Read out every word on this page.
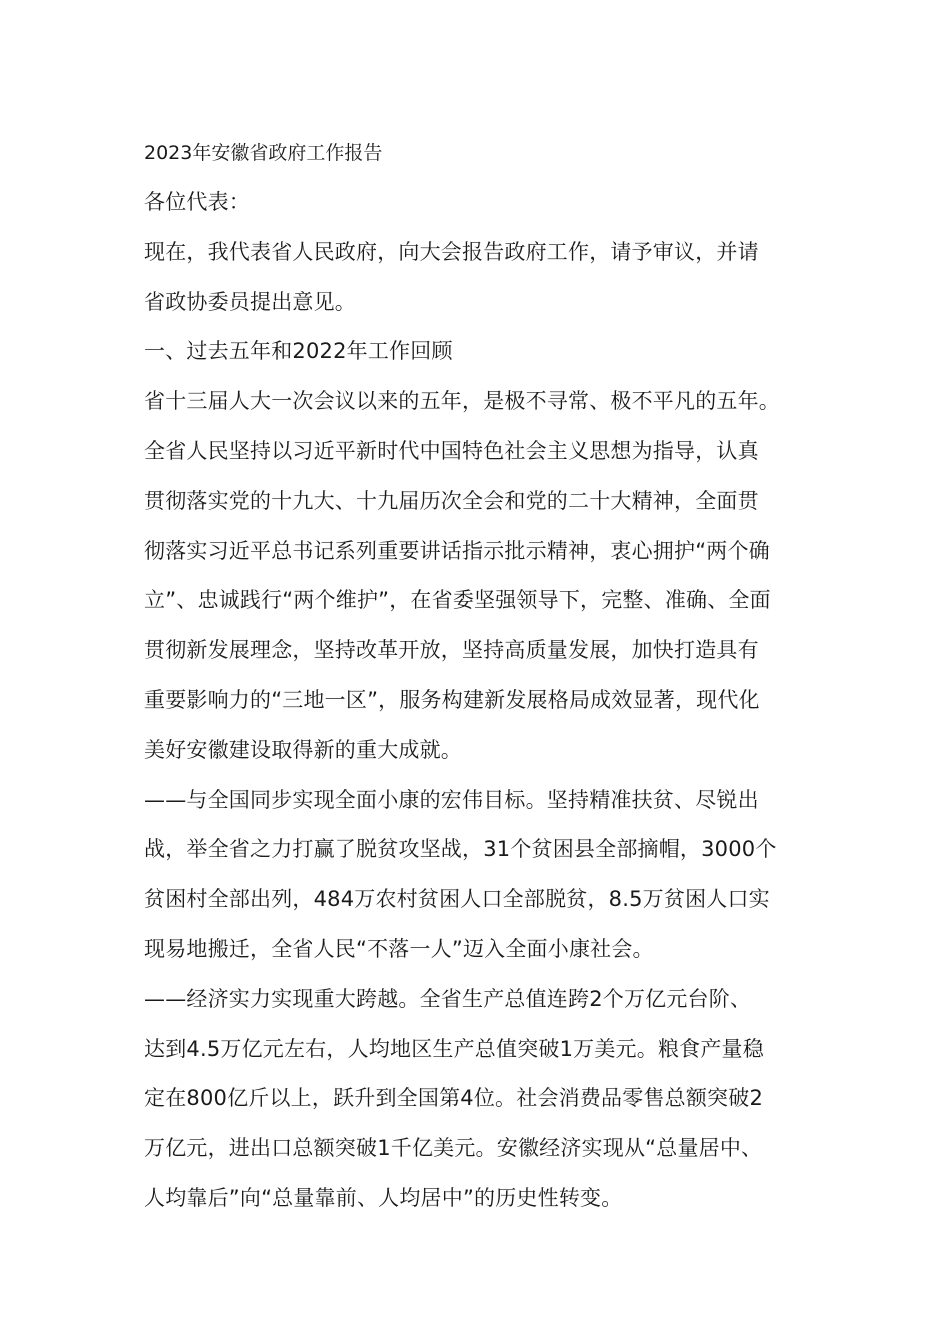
2023年安徽省政府工作报告

各位代表：

现在，我代表省人民政府，向大会报告政府工作，请予审议，并请

省政协委员提出意见。

一、过去五年和2022年工作回顾

省十三届人大一次会议以来的五年，是极不寻常、极不平凡的五年。

全省人民坚持以习近平新时代中国特色社会主义思想为指导，认真

贯彻落实党的十九大、十九届历次全会和党的二十大精神，全面贯

彻落实习近平总书记系列重要讲话指示批示精神，衷心拥护“两个确

立”、忠诚践行“两个维护”，在省委坚强领导下，完整、准确、全面

贯彻新发展理念，坚持改革开放，坚持高质量发展，加快打造具有

重要影响力的“三地一区”，服务构建新发展格局成效显著，现代化

美好安徽建设取得新的重大成就。

——与全国同步实现全面小康的宏伟目标。坚持精准扶贫、尽锐出

战，举全省之力打赢了脱贫攻坚战，31个贫困县全部摘帽，3000个

贫困村全部出列，484万农村贫困人口全部脱贫，8.5万贫困人口实

现易地搬迁，全省人民“不落一人”迈入全面小康社会。

——经济实力实现重大跨越。全省生产总值连跨2个万亿元台阶、

达到4.5万亿元左右，人均地区生产总值突破1万美元。粮食产量稳

定在800亿斤以上，跃升到全国第4位。社会消费品零售总额突破2

万亿元，进出口总额突破1千亿美元。安徽经济实现从“总量居中、

人均靠后”向“总量靠前、人均居中”的历史性转变。
